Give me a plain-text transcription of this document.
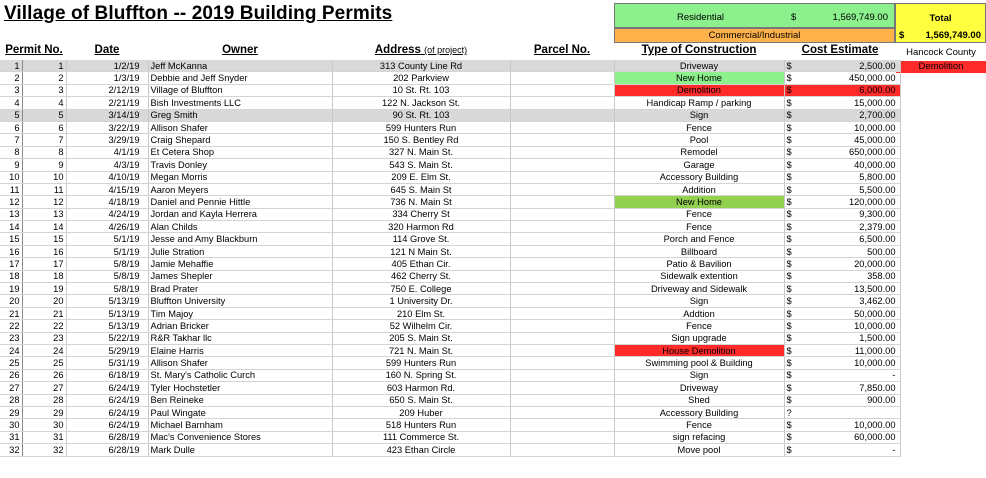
Village of Bluffton -- 2019 Building Permits	Residential	$	1,569,749.00
Commercial/Industrial
Total
$ 1,569,749.00
Permit No.	Date	Owner	Address (of project)	Parcel No.	Type of Construction	Cost Estimate	Hancock County
Demolition
1	1	1/2/19	Jeff McKanna	313 County Line Rd		Driveway	$	2,500.00
2	2	1/3/19	Debbie and Jeff Snyder	202 Parkview		New Home	$	450,000.00
3	3	2/12/19	Village of Bluffton	10 St. Rt. 103		Demolition	$	6,000.00
4	4	2/21/19	Bish Investments LLC	122 N. Jackson St.		Handicap Ramp / parking	$	15,000.00
5	5	3/14/19	Greg Smith	90 St. Rt. 103		Sign	$	2,700.00
6	6	3/22/19	Allison Shafer	599 Hunters Run		Fence	$	10,000.00
7	7	3/29/19	Craig Shepard	150 S. Bentley Rd		Pool	$	45,000.00
8	8	4/1/19	Et Cetera Shop	327 N. Main St.		Remodel	$	650,000.00
9	9	4/3/19	Travis Donley	543 S. Main St.		Garage	$	40,000.00
10	10	4/10/19	Megan Morris	209 E. Elm St.		Accessory Building	$	5,800.00
11	11	4/15/19	Aaron Meyers	645 S. Main St		Addition	$	5,500.00
12	12	4/18/19	Daniel and Pennie Hittle	736 N. Main St		New Home	$	120,000.00
13	13	4/24/19	Jordan and Kayla Herrera	334 Cherry St		Fence	$	9,300.00
14	14	4/26/19	Alan Childs	320 Harmon Rd		Fence	$	2,379.00
15	15	5/1/19	Jesse and Amy Blackburn	114 Grove St.		Porch and Fence	$	6,500.00
16	16	5/1/19	Julie Stration	121 N Main St.		Billboard	$	500.00
17	17	5/8/19	Jamie Mehaffie	405 Ethan Cir.		Patio & Bavilion	$	20,000.00
18	18	5/8/19	James Shepler	462 Cherry St.		Sidewalk extention	$	358.00
19	19	5/8/19	Brad Prater	750 E. College		Driveway and Sidewalk	$	13,500.00
20	20	5/13/19	Bluffton University	1 University Dr.		Sign	$	3,462.00
21	21	5/13/19	Tim Majoy	210 Elm St.		Addtion	$	50,000.00
22	22	5/13/19	Adrian Bricker	52 Wilhelm Cir.		Fence	$	10,000.00
23	23	5/22/19	R&R Takhar llc	205 S. Main St.		Sign upgrade	$	1,500.00
24	24	5/29/19	Elaine Harris	721 N. Main St.		House Demolition	$	11,000.00
25	25	5/31/19	Allison Shafer	599 Hunters Run		Swimming pool & Building	$	10,000.00
26	26	6/18/19	St. Mary's Catholic Curch	160 N. Spring St.		Sign	$	-
27	27	6/24/19	Tyler Hochstetler	603 Harmon Rd.		Driveway	$	7,850.00
28	28	6/24/19	Ben Reineke	650 S. Main St.		Shed	$	900.00
29	29	6/24/19	Paul Wingate	209 Huber		Accessory Building	?	
30	30	6/24/19	Michael Barnham	518 Hunters Run		Fence	$	10,000.00
31	31	6/28/19	Mac's Convenience Stores	111 Commerce St.		sign refacing	$	60,000.00
32	32	6/28/19	Mark Dulle	423 Ethan Circle		Move pool	$	-
